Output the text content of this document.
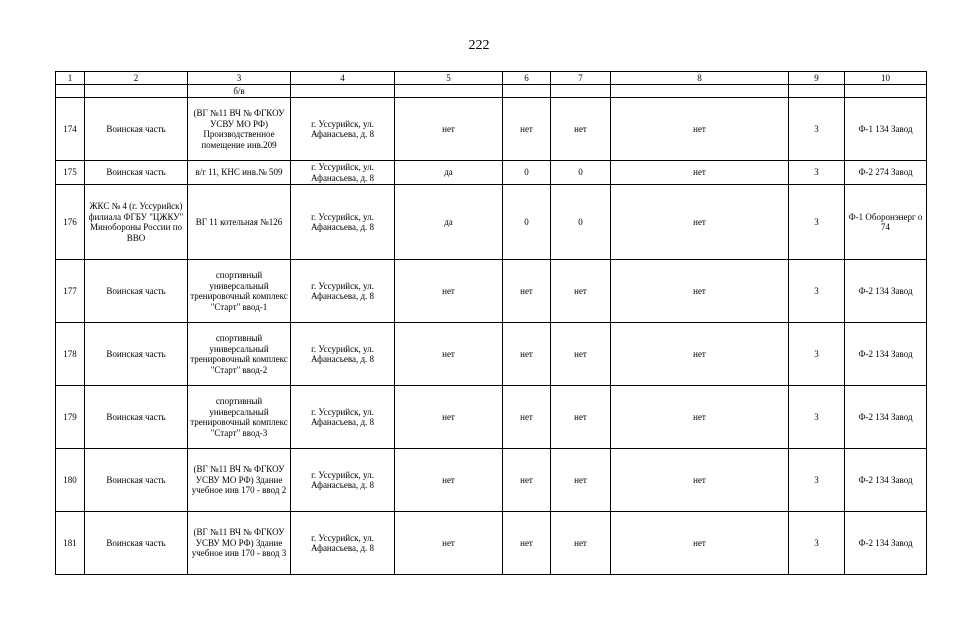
222
1	2	3	4	5	6	7	8	9	10
		б/в							
174	Воинская часть	(ВГ №11 ВЧ № ФГКОУ УСВУ МО РФ) Производственное помещение инв.209	г. Уссурийск, ул. Афанасьева, д. 8	нет	нет	нет	нет	3	Ф-1 134 Завод
175	Воинская часть	в/г 11, КНС инв.№ 509	г. Уссурийск, ул. Афанасьева, д. 8	да	0	0	нет	3	Ф-2 274 Завод
176	ЖКС № 4 (г. Уссурийск) филиала ФГБУ "ЦЖКУ" Минобороны России по ВВО	ВГ 11 котельная №126	г. Уссурийск, ул. Афанасьева, д. 8	да	0	0	нет	3	Ф-1 Оборонэнерг о 74
177	Воинская часть	спортивный универсальный тренировочный комплекс "Старт" ввод-1	г. Уссурийск, ул. Афанасьева, д. 8	нет	нет	нет	нет	3	Ф-2 134 Завод
178	Воинская часть	спортивный универсальный тренировочный комплекс "Старт" ввод-2	г. Уссурийск, ул. Афанасьева, д. 8	нет	нет	нет	нет	3	Ф-2 134 Завод
179	Воинская часть	спортивный универсальный тренировочный комплекс "Старт" ввод-3	г. Уссурийск, ул. Афанасьева, д. 8	нет	нет	нет	нет	3	Ф-2 134 Завод
180	Воинская часть	(ВГ №11 ВЧ № ФГКОУ УСВУ МО РФ) Здание учебное инв 170 - ввод 2	г. Уссурийск, ул. Афанасьева, д. 8	нет	нет	нет	нет	3	Ф-2 134 Завод
181	Воинская часть	(ВГ №11 ВЧ № ФГКОУ УСВУ МО РФ) Здание учебное инв 170 - ввод 3	г. Уссурийск, ул. Афанасьева, д. 8	нет	нет	нет	нет	3	Ф-2 134 Завод
